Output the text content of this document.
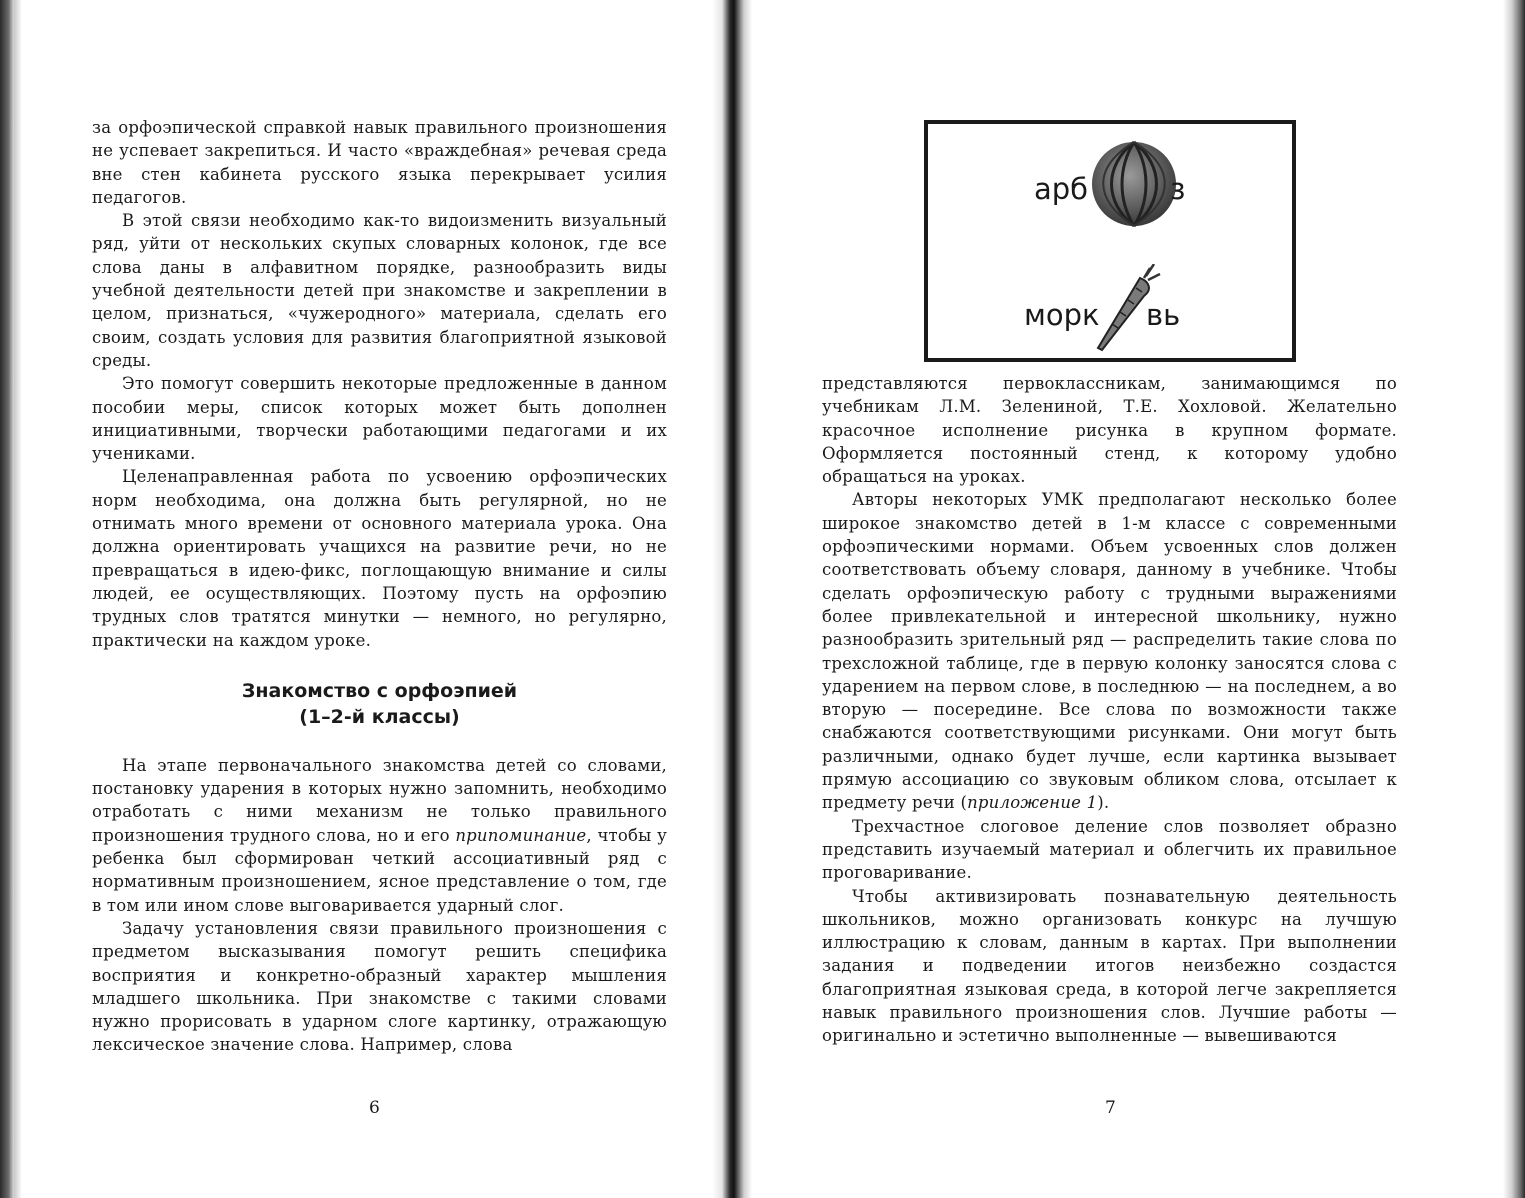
за орфоэпической справкой навык правильного произношения не успевает закрепиться. И часто «враждебная» речевая среда вне стен кабинета русского языка перекрывает усилия педагогов.

В этой связи необходимо как-то видоизменить визуальный ряд, уйти от нескольких скупых словарных колонок, где все слова даны в алфавитном порядке, разнообразить виды учебной деятельности детей при знакомстве и закреплении в целом, признаться, «чужеродного» материала, сделать его своим, создать условия для развития благоприятной языковой среды.

Это помогут совершить некоторые предложенные в данном пособии меры, список которых может быть дополнен инициативными, творчески работающими педагогами и их учениками.

Целенаправленная работа по усвоению орфоэпических норм необходима, она должна быть регулярной, но не отнимать много времени от основного материала урока. Она должна ориентировать учащихся на развитие речи, но не превращаться в идею-фикс, поглощающую внимание и силы людей, ее осуществляющих. Поэтому пусть на орфоэпию трудных слов тратятся минутки — немного, но регулярно, практически на каждом уроке.

Знакомство с орфоэпией
(1–2-й классы)

На этапе первоначального знакомства детей со словами, постановку ударения в которых нужно запомнить, необходимо отработать с ними механизм не только правильного произношения трудного слова, но и его припоминание, чтобы у ребенка был сформирован четкий ассоциативный ряд с нормативным произношением, ясное представление о том, где в том или ином слове выговаривается ударный слог.

Задачу установления связи правильного произношения с предметом высказывания помогут решить специфика восприятия и конкретно-образный характер мышления младшего школьника. При знакомстве с такими словами нужно прорисовать в ударном слоге картинку, отражающую лексическое значение слова. Например, слова

6
арб	з
морк вь

представляются первоклассникам, занимающимся по учебникам Л.М. Зелениной, Т.Е. Хохловой. Желательно красочное исполнение рисунка в крупном формате. Оформляется постоянный стенд, к которому удобно обращаться на уроках.

Авторы некоторых УМК предполагают несколько более широкое знакомство детей в 1-м классе с современными орфоэпическими нормами. Объем усвоенных слов должен соответствовать объему словаря, данному в учебнике. Чтобы сделать орфоэпическую работу с трудными выражениями более привлекательной и интересной школьнику, нужно разнообразить зрительный ряд — распределить такие слова по трехсложной таблице, где в первую колонку заносятся слова с ударением на первом слове, в последнюю — на последнем, а во вторую — посередине. Все слова по возможности также снабжаются соответствующими рисунками. Они могут быть различными, однако будет лучше, если картинка вызывает прямую ассоциацию со звуковым обликом слова, отсылает к предмету речи (приложение 1).

Трехчастное слоговое деление слов позволяет образно представить изучаемый материал и облегчить их правильное проговаривание.

Чтобы активизировать познавательную деятельность школьников, можно организовать конкурс на лучшую иллюстрацию к словам, данным в картах. При выполнении задания и подведении итогов неизбежно создастся благоприятная языковая среда, в которой легче закрепляется навык правильного произношения слов. Лучшие работы — оригинально и эстетично выполненные — вывешиваются

7
